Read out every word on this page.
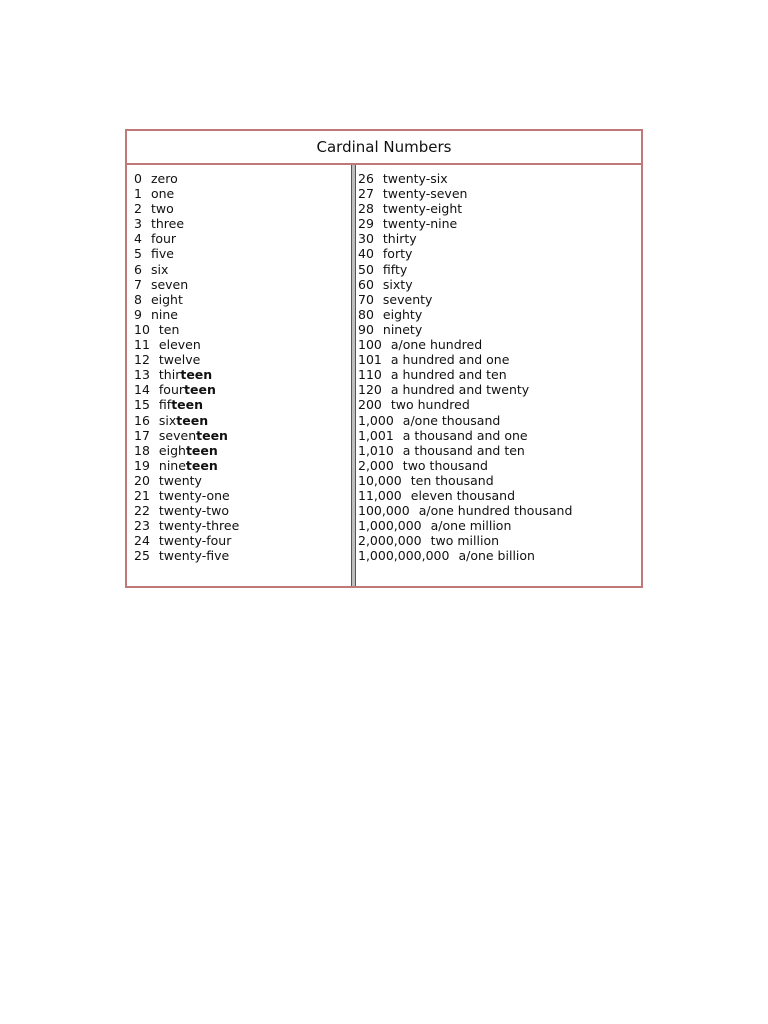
Cardinal Numbers
0 zero
1 one
2 two
3 three
4 four
5 five
6 six
7 seven
8 eight
9 nine
10 ten
11 eleven
12 twelve
13 thirteen
14 fourteen
15 fifteen
16 sixteen
17 seventeen
18 eighteen
19 nineteen
20 twenty
21 twenty-one
22 twenty-two
23 twenty-three
24 twenty-four
25 twenty-five
26 twenty-six
27 twenty-seven
28 twenty-eight
29 twenty-nine
30 thirty
40 forty
50 fifty
60 sixty
70 seventy
80 eighty
90 ninety
100 a/one hundred
101 a hundred and one
110 a hundred and ten
120 a hundred and twenty
200 two hundred
1,000 a/one thousand
1,001 a thousand and one
1,010 a thousand and ten
2,000 two thousand
10,000 ten thousand
11,000 eleven thousand
100,000 a/one hundred thousand
1,000,000 a/one million
2,000,000 two million
1,000,000,000 a/one billion
